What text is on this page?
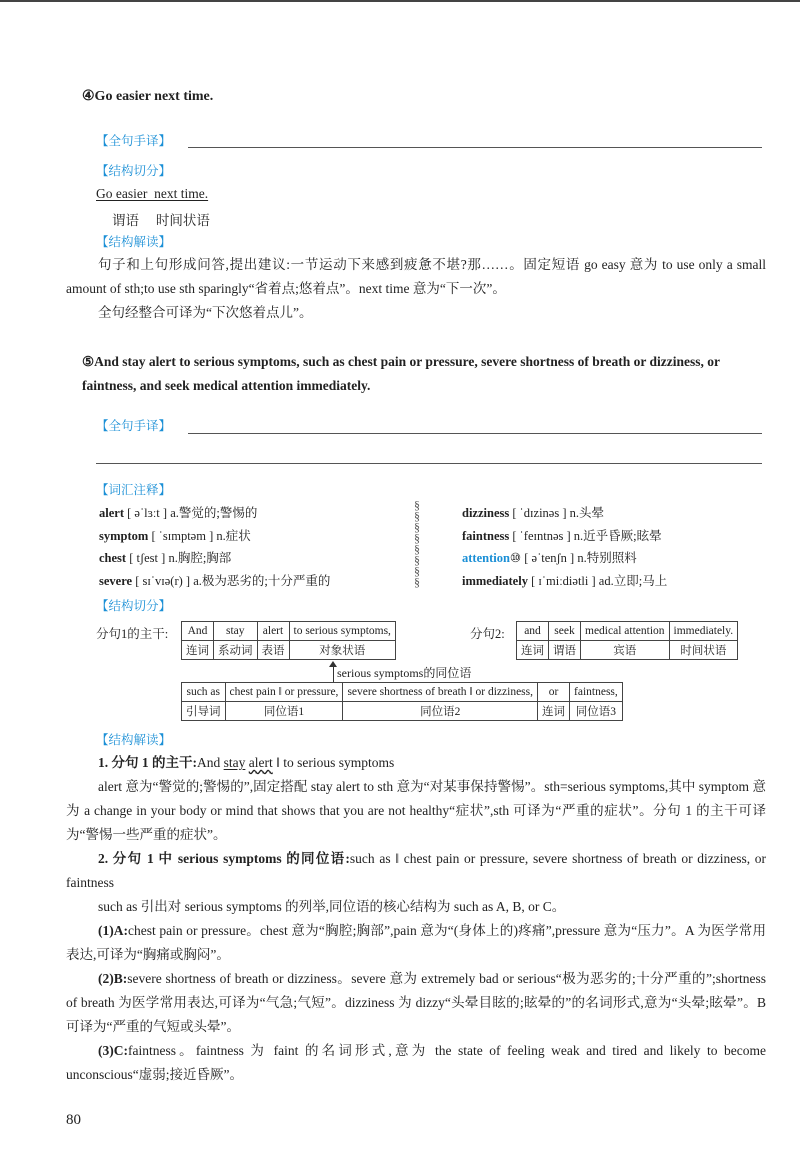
④Go easier next time.
【全句手译】
【结构切分】
Go easier  next time.
谓语     时间状语
【结构解读】
句子和上句形成问答,提出建议:一节运动下来感到疲惫不堪?那……。固定短语 go easy 意为 to use only a small amount of sth;to use sth sparingly“省着点;悠着点”。next time 意为“下一次”。
全句经整合可译为“下次悠着点儿”。
⑤And stay alert to serious symptoms, such as chest pain or pressure, severe shortness of breath or dizziness, or faintness, and seek medical attention immediately.
【全句手译】
【词汇注释】
alert [ əˈlɜːt ] a.警觉的;警惕的
symptom [ ˈsɪmptəm ] n.症状
chest [ tʃest ] n.胸腔;胸部
severe [ sɪˈvɪə(r) ] a.极为恶劣的;十分严重的
§
§
§
§
§
§
§
§
dizziness [ ˈdɪzinəs ] n.头晕
faintness [ ˈfeɪntnəs ] n.近乎昏厥;眩晕
attention⑩ [ əˈtenʃn ] n.特别照料
immediately [ ɪˈmiːdiətli ] ad.立即;马上
【结构切分】
分句1的主干: And	stay	alert	to serious symptoms,
连词	系动词	表语	对象状语
分句2: and	seek	medical attention	immediately.
连词	谓语	宾语	时间状语
serious symptoms的同位语
such as	chest pain ‖ or pressure,	severe shortness of breath ‖ or dizziness,	or	faintness,
引导词	同位语1	同位语2	连词	同位语3
【结构解读】
1. 分句 1 的主干:And stay alert ‖ to serious symptoms
alert 意为“警觉的;警惕的”,固定搭配 stay alert to sth 意为“对某事保持警惕”。sth=serious symptoms,其中 symptom 意为 a change in your body or mind that shows that you are not healthy“症状”,sth 可译为“严重的症状”。分句 1 的主干可译为“警惕一些严重的症状”。
2. 分句 1 中 serious symptoms 的同位语:such as ‖ chest pain or pressure, severe shortness of breath or dizziness, or faintness
such as 引出对 serious symptoms 的列举,同位语的核心结构为 such as A, B, or C。
(1)A:chest pain or pressure。chest 意为“胸腔;胸部”,pain 意为“(身体上的)疼痛”,pressure 意为“压力”。A 为医学常用表达,可译为“胸痛或胸闷”。
(2)B:severe shortness of breath or dizziness。severe 意为 extremely bad or serious“极为恶劣的;十分严重的”;shortness of breath 为医学常用表达,可译为“气急;气短”。dizziness 为 dizzy“头晕目眩的;眩晕的”的名词形式,意为“头晕;眩晕”。B 可译为“严重的气短或头晕”。
(3)C:faintness。faintness 为 faint 的名词形式,意为 the state of feeling weak and tired and likely to become unconscious“虚弱;接近昏厥”。
80
